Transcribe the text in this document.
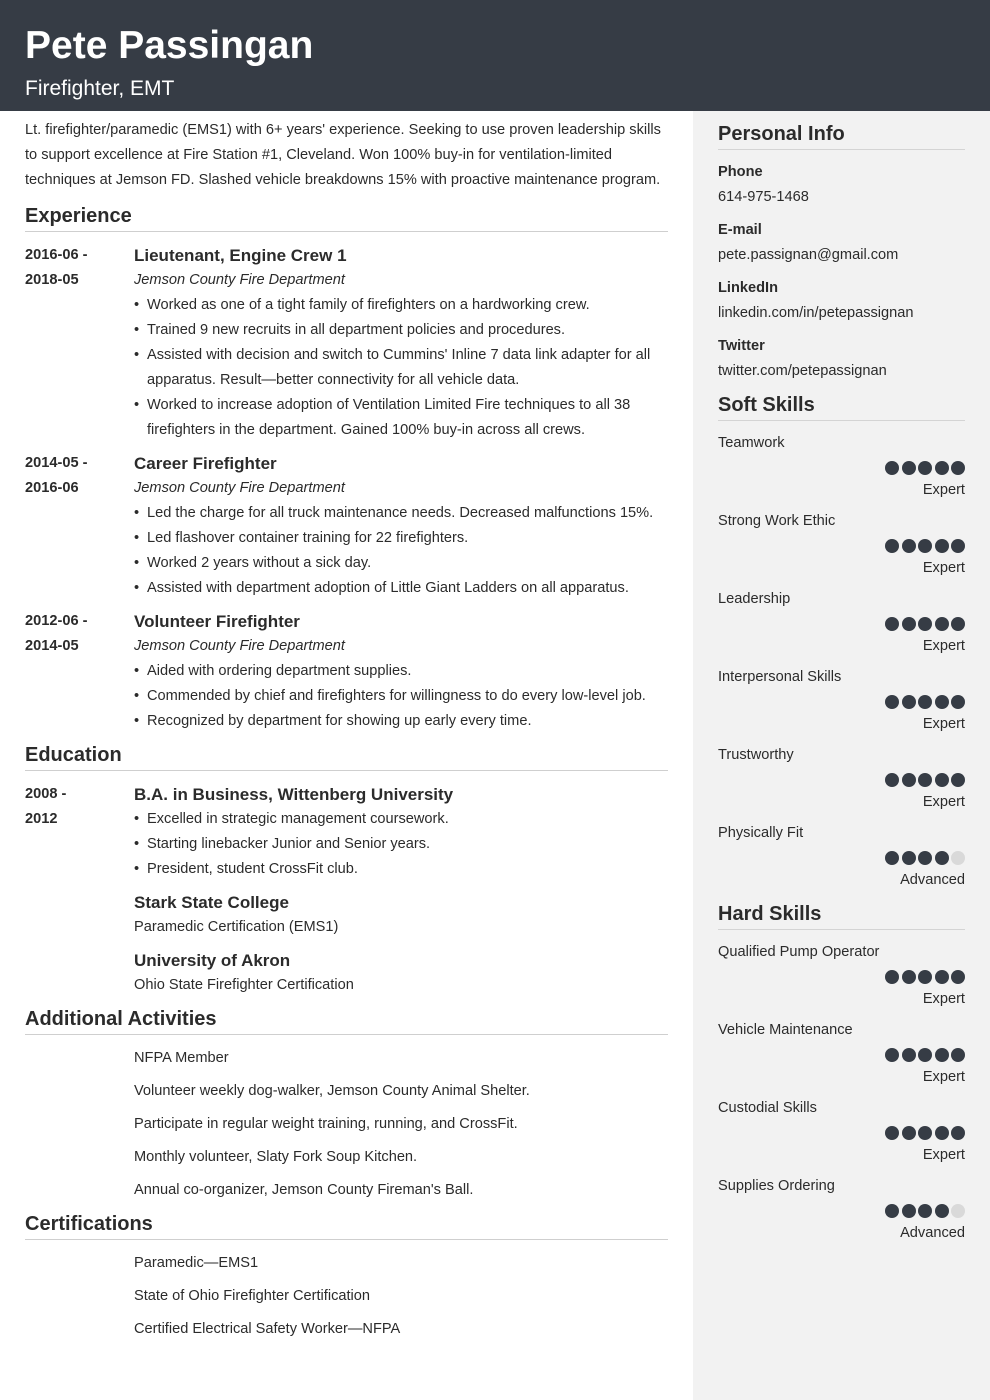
Pete Passingan
Firefighter, EMT
Personal Info
Phone
614-975-1468
E-mail
pete.passignan@gmail.com
LinkedIn
linkedin.com/in/petepassignan
Twitter
twitter.com/petepassignan
Soft Skills
Teamwork
Expert
Strong Work Ethic
Expert
Leadership
Expert
Interpersonal Skills
Expert
Trustworthy
Expert
Physically Fit
Advanced
Hard Skills
Qualified Pump Operator
Expert
Vehicle Maintenance
Expert
Custodial Skills
Expert
Supplies Ordering
Advanced

Lt. firefighter/paramedic (EMS1) with 6+ years' experience. Seeking to use proven leadership skills to support excellence at Fire Station #1, Cleveland. Won 100% buy-in for ventilation-limited techniques at Jemson FD. Slashed vehicle breakdowns 15% with proactive maintenance program.

Experience
2016-06 -
2018-05
Lieutenant, Engine Crew 1
Jemson County Fire Department
• Worked as one of a tight family of firefighters on a hardworking crew.
• Trained 9 new recruits in all department policies and procedures.
• Assisted with decision and switch to Cummins' Inline 7 data link adapter for all apparatus. Result—better connectivity for all vehicle data.
• Worked to increase adoption of Ventilation Limited Fire techniques to all 38 firefighters in the department. Gained 100% buy-in across all crews.
2014-05 -
2016-06
Career Firefighter
Jemson County Fire Department
• Led the charge for all truck maintenance needs. Decreased malfunctions 15%.
• Led flashover container training for 22 firefighters.
• Worked 2 years without a sick day.
• Assisted with department adoption of Little Giant Ladders on all apparatus.
2012-06 -
2014-05
Volunteer Firefighter
Jemson County Fire Department
• Aided with ordering department supplies.
• Commended by chief and firefighters for willingness to do every low-level job.
• Recognized by department for showing up early every time.
Education
2008 -
2012
B.A. in Business, Wittenberg University
• Excelled in strategic management coursework.
• Starting linebacker Junior and Senior years.
• President, student CrossFit club.
Stark State College
Paramedic Certification (EMS1)
University of Akron
Ohio State Firefighter Certification
Additional Activities
NFPA Member
Volunteer weekly dog-walker, Jemson County Animal Shelter.
Participate in regular weight training, running, and CrossFit.
Monthly volunteer, Slaty Fork Soup Kitchen.
Annual co-organizer, Jemson County Fireman's Ball.
Certifications
Paramedic—EMS1
State of Ohio Firefighter Certification
Certified Electrical Safety Worker—NFPA
